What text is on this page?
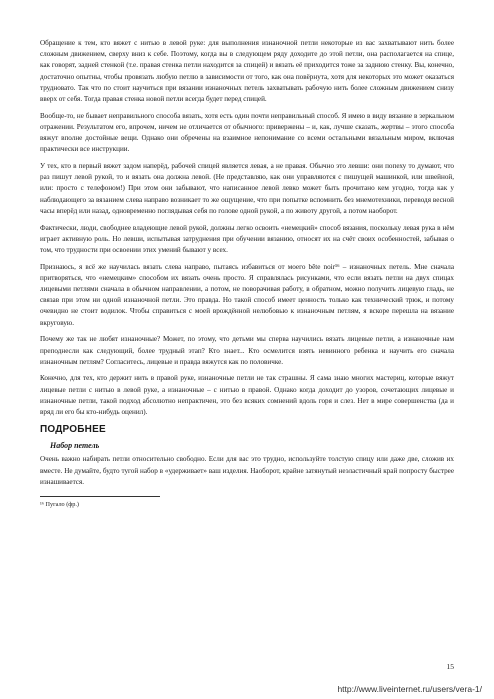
Обращение к тем, кто вяжет с нитью в левой руке: для выполнения изнаночной петли некоторые из вас захватывают нить более сложным движением, сверху вниз к себе. Поэтому, когда вы в следующем ряду доходите до этой петли, она располагается на спице, как говорят, задней стенкой (т.е. правая стенка петли находится за спицей) и вязать её приходится тоже за заднюю стенку. Вы, конечно, достаточно опытны, чтобы провязать любую петлю в зависимости от того, как она повёрнута, хотя для некоторых это может оказаться трудновато. Так что по стоит научиться при вязании изнаночных петель захватывать рабочую нить более сложным движением снизу вверх от себя. Тогда правая стенка новой петли всегда будет перед спицей.

Вообще-то, не бывает неправильного способа вязать, хотя есть один почти неправильный способ. Я имею в виду вязание в зеркальном отражении. Результатом его, впрочем, ничем не отличается от обычного: привержены – и, как, лучше сказать, жертвы – этого способа вяжут вполне достойные вещи. Однако они обречены на взаимное непонимание со всеми остальными вязальным миром, включая практически все инструкции.

У тех, кто в первый вяжет задом наперёд, рабочей спицей является левая, а не правая. Обычно это левши: они попеху то думают, что раз пишут левой рукой, то и вязать она должна левой. (Не представляю, как они управляются с пишущей машинкой, или швейной, или: просто с телефоном!) При этом они забывают, что написанное левой левко может быть прочитано кем угодно, тогда как у наблюдающего за вязанием слева направо возникает то же ощущение, что при попытке вспомнить без мнемотехники, переводя весной часы вперёд или назад, одновременно поглядывая себя по голове одной рукой, а по животу другой, а потом наоборот.

Фактически, люди, свободнее владеющие левой рукой, должны легко освоить «немецкий» способ вязания, поскольку левая рука в нём играет активную роль. Но левши, испытывая затруднения при обучении вязанию, относят их на счёт своих особенностей, забывая о том, что трудности при освоении этих умений бывают у всех.

Признаюсь, я всё же научилась вязать слева направо, пытаясь избавиться от моего bête noir¹⁶ – изнаночных петель. Мне сначала притворяться, что «немецким» способом их вязать очень просто. Я справлялась рисунками, что если вязать петли на двух спицах лицевыми петлями сначала в обычном направлении, а потом, не поворачивая работу, в обратном, можно получить лицевую гладь, не связав при этом ни одной изнаночной петли. Это правда. Но такой способ имеет ценность только как технический трюк, и потому очевидно не стоит водилок. Чтобы справиться с моей врождённой нелюбовью к изнаночным петлям, я вскоре перешла на вязание вкруговую.

Почему же так не любят изнаночные? Может, по этому, что детьми мы сперва научились вязать лицевые петли, а изнаночные нам преподнесли как следующий, более трудный этап? Кто знает... Кто осмелится взять невинного ребенка и научить его сначала изнаночным петлям? Согласитесь, лицевые и правда вяжутся как по половичке.

Конечно, для тех, кто держит нить в правой руке, изнаночные петли не так страшны. Я сама знаю многих мастериц, которые вяжут лицевые петли с нитью в левой руке, а изнаночные – с нитью в правой. Однако когда доходит до узоров, сочетающих лицевые и изнаночные петли, такой подход абсолютно непрактичен, это без всяких сомнений вдоль горя и слез. Нет в мире совершенства (да и вряд ли его бы кто-нибудь оценил).

ПОДРОБНЕЕ
Набор петель

Очень важно набирать петли относительно свободно. Если для вас это трудно, используйте толстую спицу или даже две, сложив их вместе. Не думайте, будто тугой набор в «удерживает» ваш изделия. Наоборот, крайне затянутый неэластичный край попросту быстрее изнашивается.

¹⁶ Пугало (фр.)

15
http://www.liveinternet.ru/users/vera-1/
